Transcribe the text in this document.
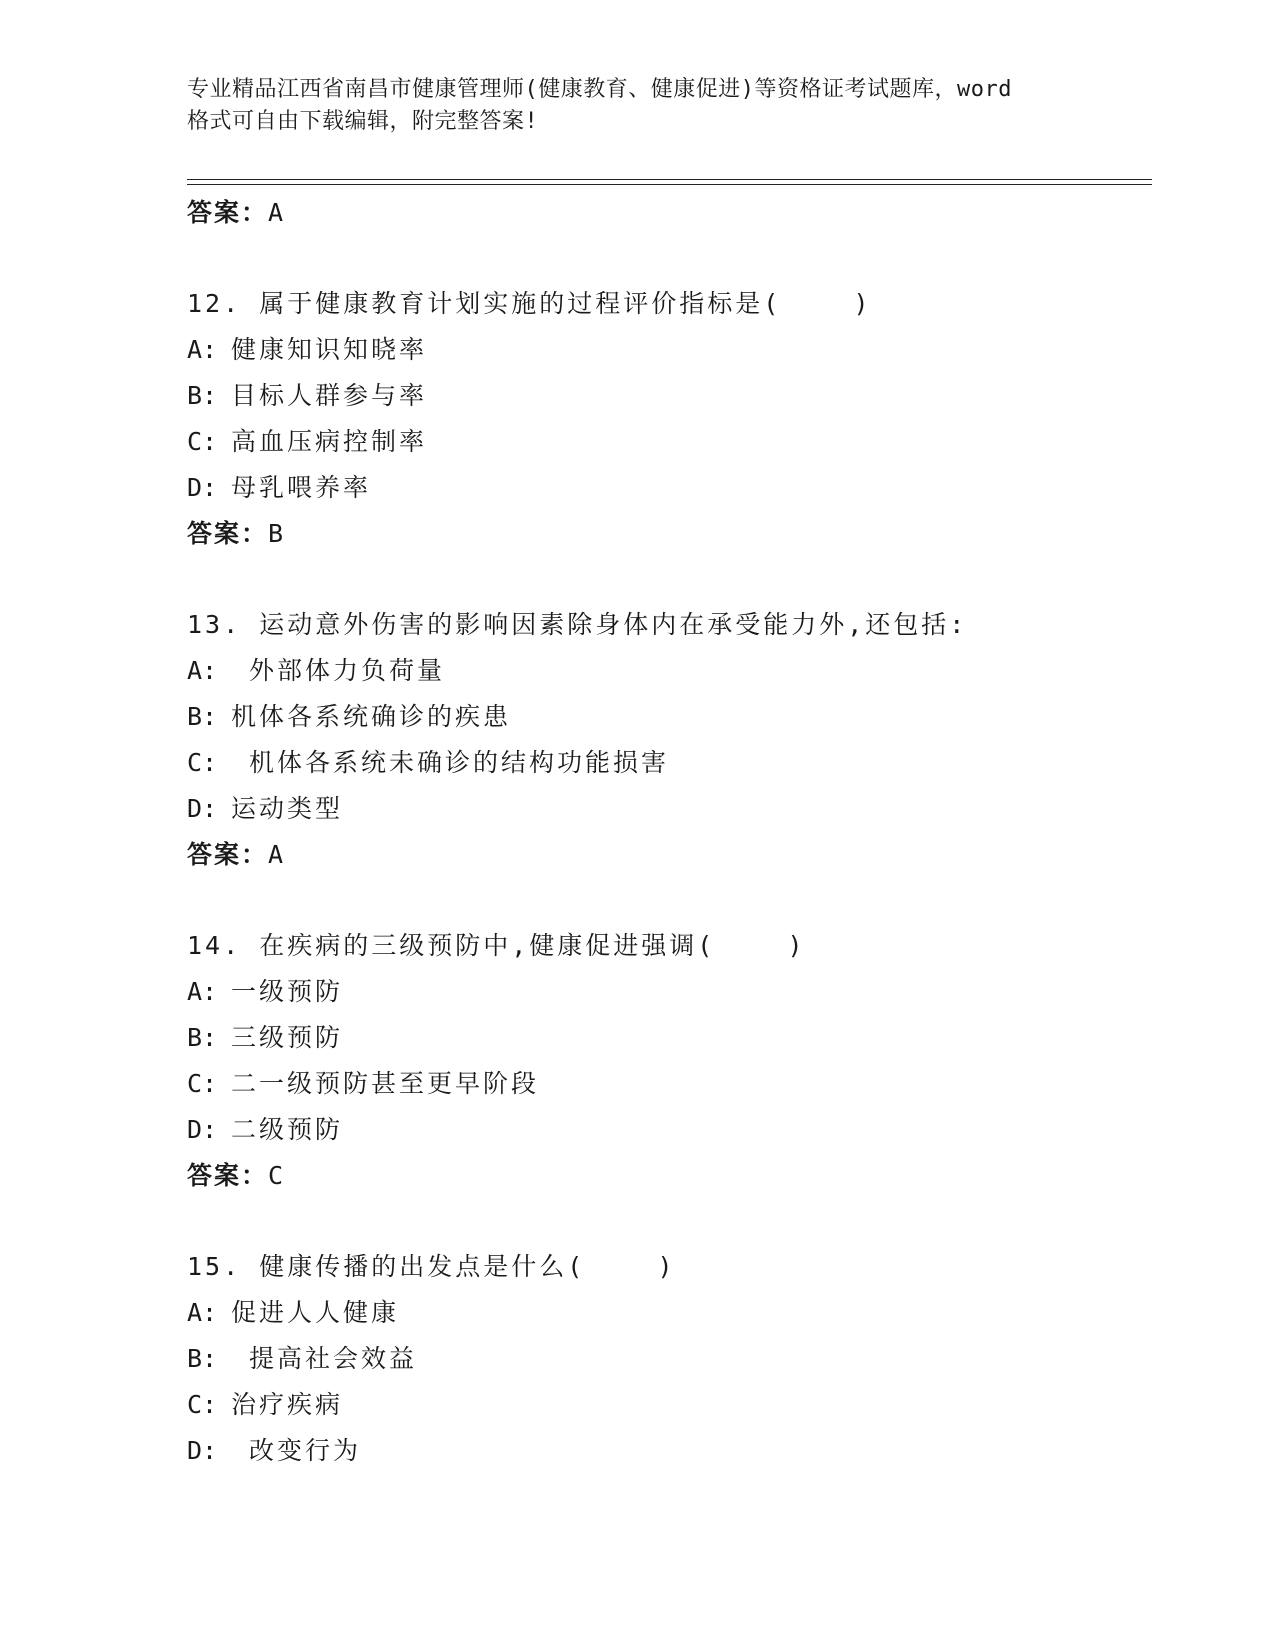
专业精品江西省南昌市健康管理师(健康教育、健康促进)等资格证考试题库，word
格式可自由下载编辑，附完整答案!
答案：A
12. 属于健康教育计划实施的过程评价指标是(    )
A: 健康知识知晓率
B: 目标人群参与率
C: 高血压病控制率
D: 母乳喂养率
答案：B
13. 运动意外伤害的影响因素除身体内在承受能力外,还包括:
A: 外部体力负荷量
B: 机体各系统确诊的疾患
C: 机体各系统未确诊的结构功能损害
D: 运动类型
答案：A
14. 在疾病的三级预防中,健康促进强调(    )
A: 一级预防
B: 三级预防
C: 二一级预防甚至更早阶段
D: 二级预防
答案：C
15. 健康传播的出发点是什么(    )
A: 促进人人健康
B: 提高社会效益
C: 治疗疾病
D: 改变行为
